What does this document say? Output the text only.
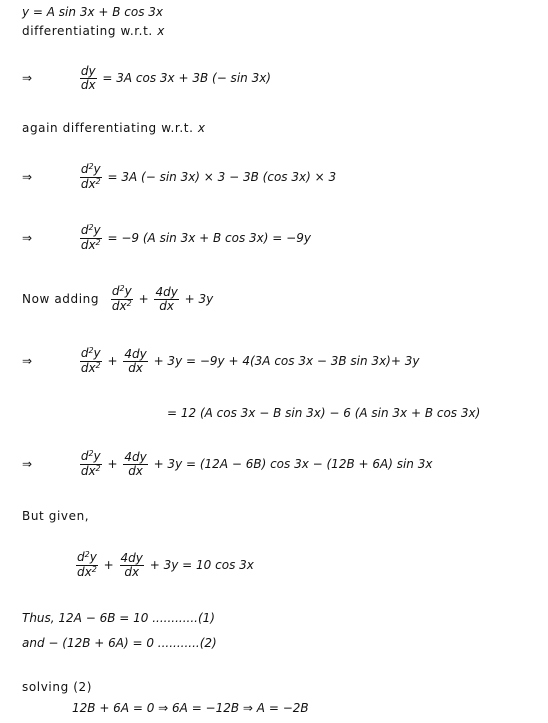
y = A sin 3x + B cos 3x
differentiating w.r.t. x
⇒	$\frac{dy}{dx} = 3A$ cos 3x + 3B (− sin 3x)
again differentiating w.r.t. x
⇒	$\frac{d^2y}{dx^2} = 3A$ (− sin 3x) × 3 − 3B (cos 3x) × 3
⇒	$\frac{d^2y}{dx^2} = -9$ (A sin 3x + B cos 3x) = −9y
Now adding $\frac{d^2y}{dx^2} + \frac{4dy}{dx} + 3y$
⇒	$\frac{d^2y}{dx^2} + \frac{4dy}{dx} + 3y = -9y + 4(3A$ cos 3x − 3B sin 3x)+ 3y
= 12 (A cos 3x − B sin 3x) − 6 (A sin 3x + B cos 3x)
⇒	$\frac{d^2y}{dx^2} + \frac{4dy}{dx} + 3y = (12A - 6B)$ cos 3x − (12B + 6A) sin 3x
But given,
$\frac{d^2y}{dx^2} + \frac{4dy}{dx} + 3y = 10$ cos 3x
Thus, 12A − 6B = 10 ............(1)
and − (12B + 6A) = 0 ...........(2)
solving (2)
12B + 6A = 0 ⇒ 6A = −12B ⇒ A = −2B
